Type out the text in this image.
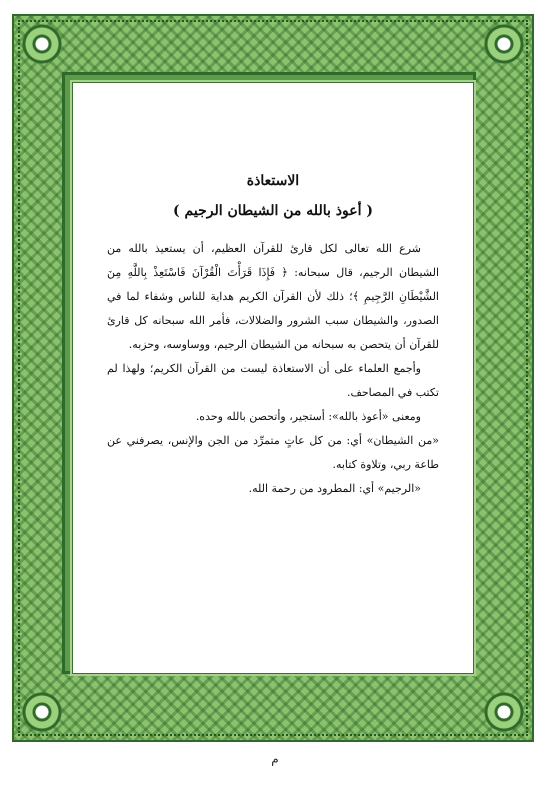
الاستعاذة
( أعوذ بالله من الشيطان الرجيم )

شرع الله تعالى لكل قارئ للقرآن العظيم، أن يستعيذ بالله من الشيطان الرجيم، قال سبحانه: ﴿ فَإِذَا قَرَأْتَ الْقُرْآنَ فَاسْتَعِذْ بِاللَّهِ مِنَ الشَّيْطَانِ الرَّجِيمِ ﴾؛ ذلك لأن القرآن الكريم هداية للناس وشفاء لما في الصدور، والشيطان سبب الشرور والضلالات، فأمر الله سبحانه كل قارئ للقرآن أن يتحصن به سبحانه من الشيطان الرجيم، ووساوسه، وحزبه.

وأجمع العلماء على أن الاستعاذة ليست من القرآن الكريم؛ ولهذا لم تكتب في المصاحف.

ومعنى «أعوذ بالله»: أستجير، وأتحصن بالله وحده.

«من الشيطان» أي: من كل عاتٍ متمرِّد من الجن والإنس، يصرفني عن طاعة ربي، وتلاوة كتابه.

«الرجيم» أي: المطرود من رحمة الله.

م
